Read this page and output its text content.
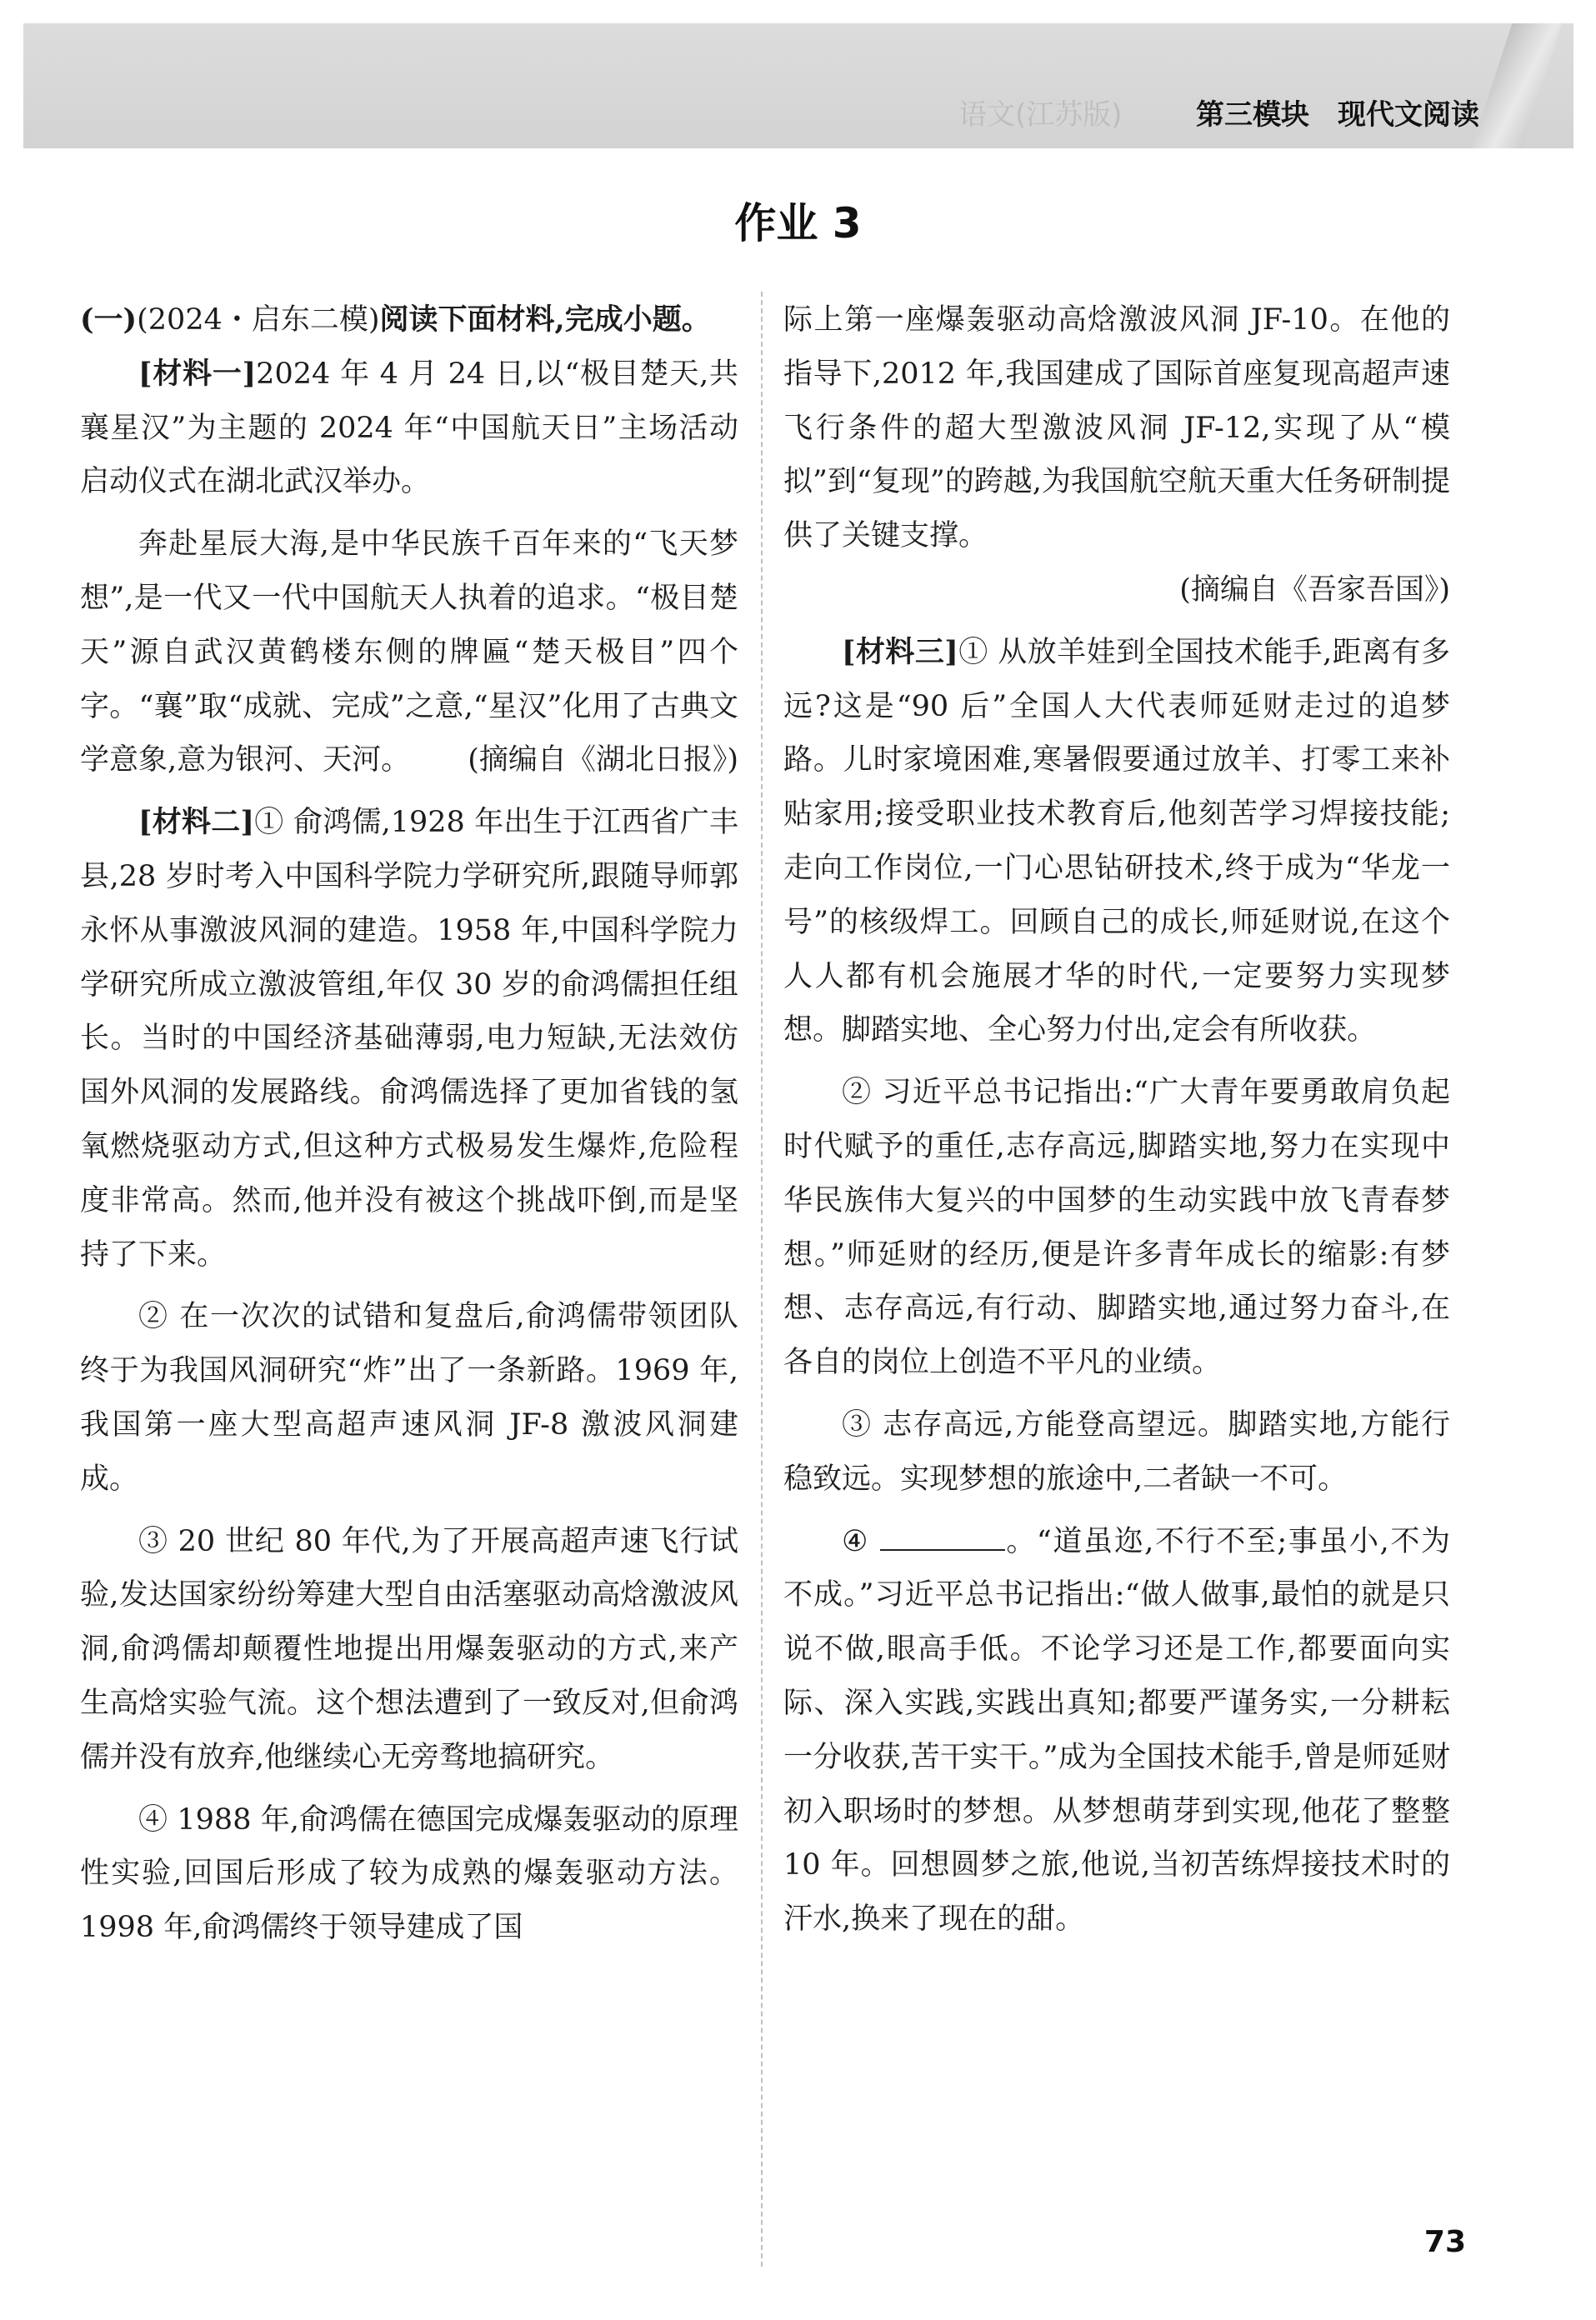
语文(江苏版)	第三模块 现代文阅读
作业 3

(一)(2024・启东二模)阅读下面材料,完成小题。

[材料一]2024 年 4 月 24 日,以“极目楚天,共襄星汉”为主题的 2024 年“中国航天日”主场活动启动仪式在湖北武汉举办。

奔赴星辰大海,是中华民族千百年来的“飞天梦想”,是一代又一代中国航天人执着的追求。“极目楚天”源自武汉黄鹤楼东侧的牌匾“楚天极目”四个字。“襄”取“成就、完成”之意,“星汉”化用了古典文学意象,意为银河、天河。	(摘编自《湖北日报》)

[材料二]① 俞鸿儒,1928 年出生于江西省广丰县,28 岁时考入中国科学院力学研究所,跟随导师郭永怀从事激波风洞的建造。1958 年,中国科学院力学研究所成立激波管组,年仅 30 岁的俞鸿儒担任组长。当时的中国经济基础薄弱,电力短缺,无法效仿国外风洞的发展路线。俞鸿儒选择了更加省钱的氢氧燃烧驱动方式,但这种方式极易发生爆炸,危险程度非常高。然而,他并没有被这个挑战吓倒,而是坚持了下来。

② 在一次次的试错和复盘后,俞鸿儒带领团队终于为我国风洞研究“炸”出了一条新路。1969 年,我国第一座大型高超声速风洞 JF-8 激波风洞建成。

③ 20 世纪 80 年代,为了开展高超声速飞行试验,发达国家纷纷筹建大型自由活塞驱动高焓激波风洞,俞鸿儒却颠覆性地提出用爆轰驱动的方式,来产生高焓实验气流。这个想法遭到了一致反对,但俞鸿儒并没有放弃,他继续心无旁骛地搞研究。

④ 1988 年,俞鸿儒在德国完成爆轰驱动的原理性实验,回国后形成了较为成熟的爆轰驱动方法。1998 年,俞鸿儒终于领导建成了国

际上第一座爆轰驱动高焓激波风洞 JF-10。在他的指导下,2012 年,我国建成了国际首座复现高超声速飞行条件的超大型激波风洞 JF-12,实现了从“模拟”到“复现”的跨越,为我国航空航天重大任务研制提供了关键支撑。

(摘编自《吾家吾国》)

[材料三]① 从放羊娃到全国技术能手,距离有多远?这是“90 后”全国人大代表师延财走过的追梦路。儿时家境困难,寒暑假要通过放羊、打零工来补贴家用;接受职业技术教育后,他刻苦学习焊接技能;走向工作岗位,一门心思钻研技术,终于成为“华龙一号”的核级焊工。回顾自己的成长,师延财说,在这个人人都有机会施展才华的时代,一定要努力实现梦想。脚踏实地、全心努力付出,定会有所收获。

② 习近平总书记指出:“广大青年要勇敢肩负起时代赋予的重任,志存高远,脚踏实地,努力在实现中华民族伟大复兴的中国梦的生动实践中放飞青春梦想。”师延财的经历,便是许多青年成长的缩影:有梦想、志存高远,有行动、脚踏实地,通过努力奋斗,在各自的岗位上创造不平凡的业绩。

③ 志存高远,方能登高望远。脚踏实地,方能行稳致远。实现梦想的旅途中,二者缺一不可。

④	。“道虽迩,不行不至;事虽小,不为不成。”习近平总书记指出:“做人做事,最怕的就是只说不做,眼高手低。不论学习还是工作,都要面向实际、深入实践,实践出真知;都要严谨务实,一分耕耘一分收获,苦干实干。”成为全国技术能手,曾是师延财初入职场时的梦想。从梦想萌芽到实现,他花了整整 10 年。回想圆梦之旅,他说,当初苦练焊接技术时的汗水,换来了现在的甜。

73
